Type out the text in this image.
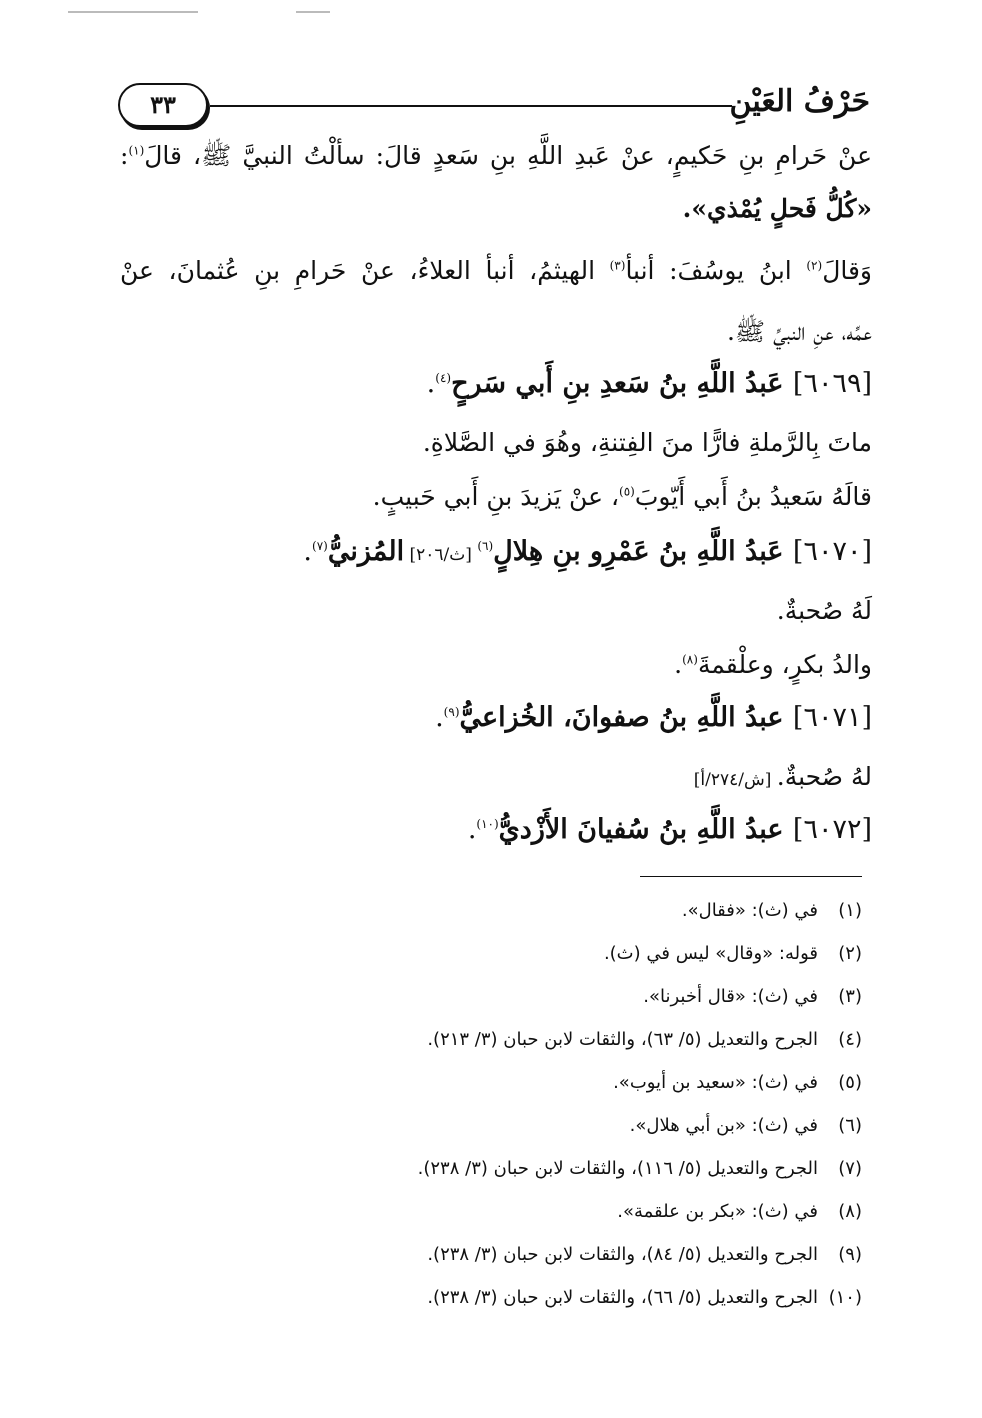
حَرْفُ العَيْنِ
٣٣
عنْ حَرامِ بنِ حَكيمٍ، عنْ عَبدِ اللَّهِ بنِ سَعدٍ قالَ: سألْتُ النبيَّ ﷺ، قالَ$^{(١)}$:
«كُلُّ فَحلٍ يُمْذي».
وَقالَ$^{(٢)}$ ابنُ يوسُفَ: أنبأ$^{(٣)}$ الهيثمُ، أنبأ العلاءُ، عنْ حَرامِ بنِ عُثمانَ، عنْ
عمِّه، عنِ النبيِّ ﷺ.
[٦٠٦٩] عَبدُ اللَّهِ بنُ سَعدِ بنِ أَبي سَرحٍ$^{(٤)}$.
ماتَ بِالرَّملةِ فارًّا منَ الفِتنةِ، وهُوَ في الصَّلاةِ.
قالَهُ سَعيدُ بنُ أَبي أَيّوبَ$^{(٥)}$، عنْ يَزيدَ بنِ أَبي حَبيبٍ.
[٦٠٧٠] عَبدُ اللَّهِ بنُ عَمْرِو بنِ هِلالٍ$^{(٦)}$ [ث/٢٠٦] المُزنيُّ$^{(٧)}$.
لَهُ صُحبةٌ.
والدُ بكرٍ، وعلْقمةَ$^{(٨)}$.
[٦٠٧١] عبدُ اللَّهِ بنُ صفوانَ، الخُزاعيُّ$^{(٩)}$.
لهُ صُحبةٌ. [ش/٢٧٤/أ]
[٦٠٧٢] عبدُ اللَّهِ بنُ سُفيانَ الأَزْديُّ$^{(١٠)}$.
(١)في (ث): «فقال».
(٢)قوله: «وقال» ليس في (ث).
(٣)في (ث): «قال أخبرنا».
(٤)الجرح والتعديل (٥/ ٦٣)، والثقات لابن حبان (٣/ ٢١٣).
(٥)في (ث): «سعيد بن أيوب».
(٦)في (ث): «بن أبي هلال».
(٧)الجرح والتعديل (٥/ ١١٦)، والثقات لابن حبان (٣/ ٢٣٨).
(٨)في (ث): «بكر بن علقمة».
(٩)الجرح والتعديل (٥/ ٨٤)، والثقات لابن حبان (٣/ ٢٣٨).
(١٠)الجرح والتعديل (٥/ ٦٦)، والثقات لابن حبان (٣/ ٢٣٨).
